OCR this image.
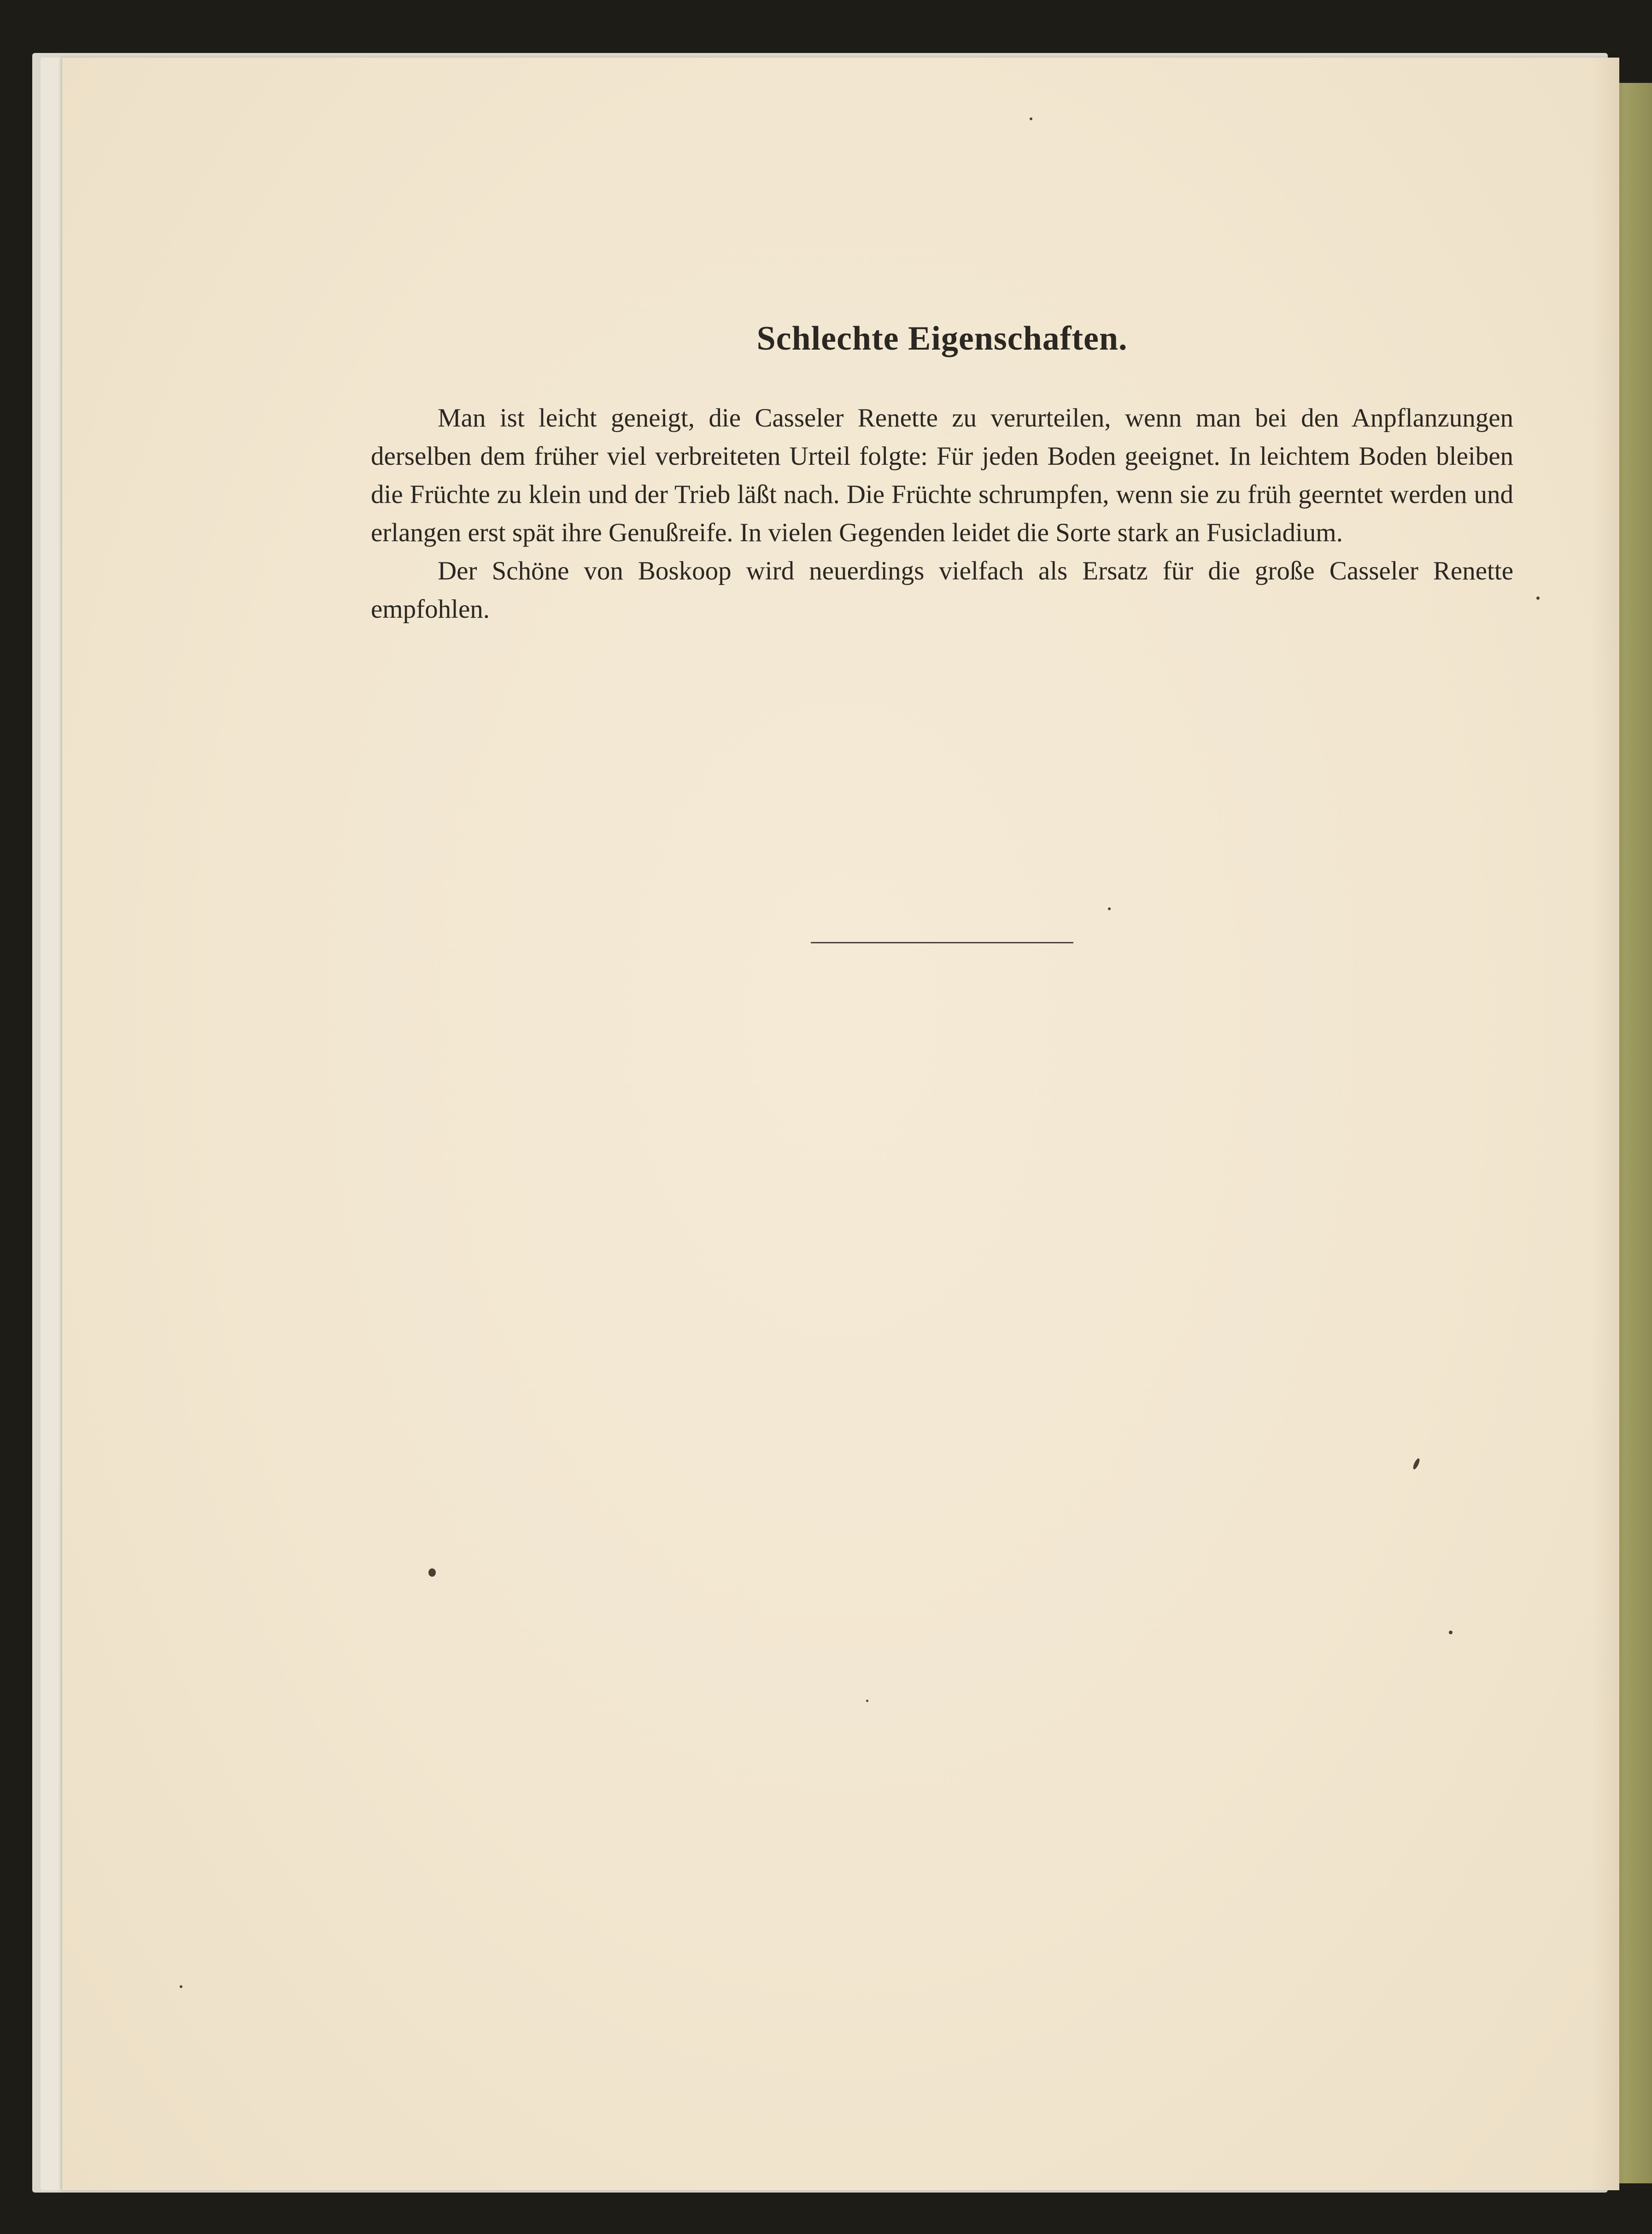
Schlechte Eigenschaften.

Man ist leicht geneigt, die Casseler Renette zu verurteilen, wenn man bei den Anpflanzungen derselben dem früher viel verbreiteten Urteil folgte: Für jeden Boden geeignet. In leichtem Boden bleiben die Früchte zu klein und der Trieb läßt nach. Die Früchte schrumpfen, wenn sie zu früh geerntet werden und erlangen erst spät ihre Genußreife. In vielen Gegenden leidet die Sorte stark an Fusicladium.

Der Schöne von Boskoop wird neuerdings vielfach als Ersatz für die große Casseler Renette empfohlen.
